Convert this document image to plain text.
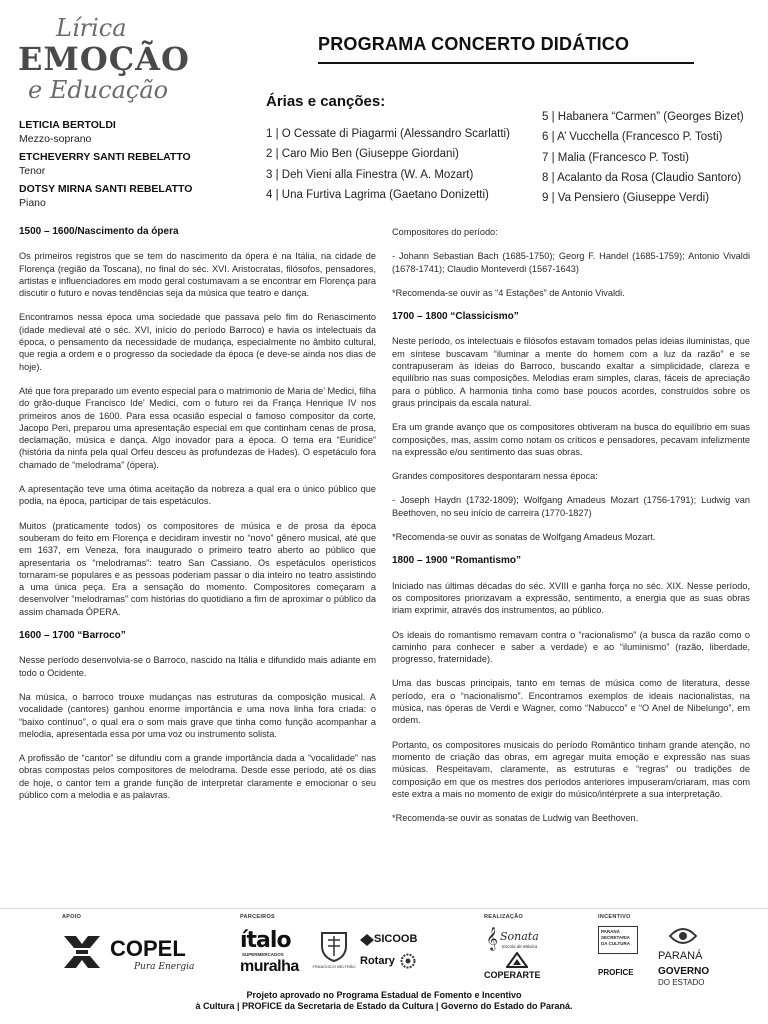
Lírica
EMOÇÃO
e Educação
PROGRAMA CONCERTO DIDÁTICO
Árias e canções:
1 | O Cessate di Piagarmi (Alessandro Scarlatti)
2 | Caro Mio Ben (Giuseppe Giordani)
3 | Deh Vieni alla Finestra (W. A. Mozart)
4 | Una Furtiva Lagrima (Gaetano Donizetti)
5 | Habanera “Carmen” (Georges Bizet)
6 | A’ Vucchella (Francesco P. Tosti)
7 | Malia (Francesco P. Tosti)
8 | Acalanto da Rosa (Claudio Santoro)
9 | Va Pensiero (Giuseppe Verdi)
LETICIA BERTOLDI
Mezzo-soprano
ETCHEVERRY SANTI REBELATTO
Tenor
DOTSY MIRNA SANTI REBELATTO
Piano
1500 – 1600/Nascimento da ópera

Os primeiros registros que se tem do nascimento da ópera é na Itália, na cidade de Florença (região da Toscana), no final do séc. XVI. Aristocratas, filósofos, pensadores, artistas e influenciadores em modo geral costumavam a se encontrar em Florença para discutir o futuro e novas tendências seja da música que teatro e dança.

Encontramos nessa época uma sociedade que passava pelo fim do Renascimento (idade medieval até o séc. XVI, início do período Barroco) e havia os intelectuais da época, o pensamento da necessidade de mudança, especialmente no âmbito cultural, que regia a ordem e o progresso da sociedade da época (e deve-se ainda nos dias de hoje).

Até que fora preparado um evento especial para o matrimonio de Maria de’ Medici, filha do grão-duque Francisco Ide’ Medici, com o futuro rei da França Henrique IV nos primeiros anos de 1600. Para essa ocasião especial o famoso compositor da corte, Jacopo Peri, preparou uma apresentação especial em que continham cenas de prosa, declamação, música e dança. Algo inovador para a época. O tema era “Euridice” (história da ninfa pela qual Orfeu desceu às profundezas de Hades). O espetáculo fora chamado de “melodrama” (ópera).

A apresentação teve uma ótima aceitação da nobreza a qual era o único público que podia, na época, participar de tais espetáculos.

Muitos (praticamente todos) os compositores de música e de prosa da época souberam do feito em Florença e decidiram investir no “novo” gênero musical, até que em 1637, em Veneza, fora inaugurado o primeiro teatro aberto ao público que apresentaria os “melodramas”: teatro San Cassiano. Os espetáculos operísticos tornaram-se populares e as pessoas poderiam passar o dia inteiro no teatro assistindo a uma única peça. Era a sensação do momento. Compositores começaram a desenvolver “melodramas” com histórias do quotidiano a fim de aproximar o público da assim chamada ÓPERA.

1600 – 1700 “Barroco”

Nesse período desenvolvia-se o Barroco, nascido na Itália e difundido mais adiante em todo o Ocidente.

Na música, o barroco trouxe mudanças nas estruturas da composição musical. A vocalidade (cantores) ganhou enorme importância e uma nova linha fora criada: o “baixo contínuo”, o qual era o som mais grave que tinha como função acompanhar a melodia, apresentada essa por uma voz ou instrumento solista.

A profissão de “cantor” se difundiu com a grande importância dada a “vocalidade” nas obras compostas pelos compositores de melodrama. Desde esse período, até os dias de hoje, o cantor tem a grande função de interpretar claramente e emocionar o seu público com a melodia e as palavras.

Compositores do período:

- Johann Sebastian Bach (1685-1750); Georg F. Handel (1685-1759); Antonio Vivaldi (1678-1741); Claudio Monteverdi (1567-1643)

*Recomenda-se ouvir as “4 Estações” de Antonio Vivaldi.

1700 – 1800 “Classicismo”

Neste período, os intelectuais e filósofos estavam tomados pelas ideias iluministas, que em síntese buscavam “iluminar a mente do homem com a luz da razão” e se contrapuseram às ideias do Barroco, buscando exaltar a simplicidade, clareza e equilíbrio nas suas composições. Melodias eram simples, claras, fáceis de apreciação para o público. A harmonia tinha como base poucos acordes, construídos sobre os graus principais da escala natural.

Era um grande avanço que os compositores obtiveram na busca do equilíbrio em suas composições, mas, assim como notam os críticos e pensadores, pecavam infelizmente na expressão e/ou sentimento das suas obras.

Grandes compositores despontaram nessa época:

- Joseph Haydn (1732-1809); Wolfgang Amadeus Mozart (1756-1791); Ludwig van Beethoven, no seu início de carreira (1770-1827)

*Recomenda-se ouvir as sonatas de Wolfgang Amadeus Mozart.

1800 – 1900 “Romantismo”

Iniciado nas últimas décadas do séc. XVIII e ganha força no séc. XIX. Nesse período, os compositores priorizavam a expressão, sentimento, a energia que as suas obras iriam exprimir, através dos instrumentos, ao público.

Os ideais do romantismo remavam contra o “racionalismo” (a busca da razão como o caminho para conhecer e saber a verdade) e ao “iluminismo” (razão, liberdade, progresso, fraternidade).

Uma das buscas principais, tanto em temas de música como de literatura, desse período, era o “nacionalismo”. Encontramos exemplos de ideais nacionalistas, na música, nas óperas de Verdi e Wagner, como “Nabucco” e “O Anel de Nibelungo”, em ordem.

Portanto, os compositores musicais do período Romântico tinham grande atenção, no momento de criação das obras, em agregar muita emoção e expressão nas suas músicas. Respeitavam, claramente, as estruturas e “regras” ou tradições de composição em que os mestres dos períodos anteriores impuseram/criaram, mas com este extra a mais no momento de exigir do músico/intérprete a sua interpretação.

*Recomenda-se ouvir as sonatas de Ludwig van Beethoven.

APOIO	PARCEIROS	REALIZAÇÃO	INCENTIVO
COPEL
Pura Energia
ítalo
SUPERMERCADOS
muralha	FRANCISCO BELTRÃO
SICOOB
Rotary
𝄞 Sonata
Escola de Música
COPERARTE
PARANÁ
SECRETARIA
DA CULTURA
PROFICE
PARANÁ
GOVERNO
DO ESTADO
Projeto aprovado no Programa Estadual de Fomento e Incentivo
à Cultura | PROFICE da Secretaria de Estado da Cultura | Governo do Estado do Paraná.
